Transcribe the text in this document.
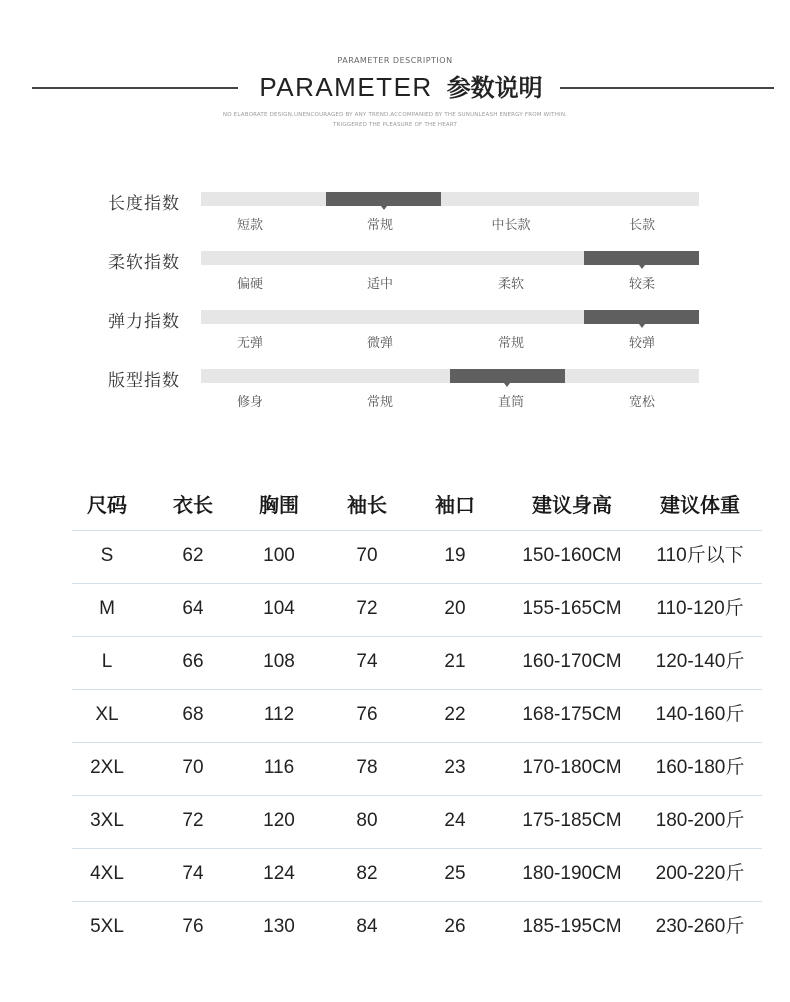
PARAMETER DESCRIPTION
PARAMETER 参数说明
NO ELABORATE DESIGN,UNENCOURAGED BY ANY TREND,ACCOMPANIED BY THE SUNUNLEASH ENERGY FROM WITHIN.
TRIGGERED THE PLEASURE OF THE HEART
长度指数
短款	常规	中长款	长款
柔软指数
偏硬	适中	柔软	较柔
弹力指数
无弹	微弹	常规	较弹
版型指数
修身	常规	直筒	宽松
尺码	衣长	胸围	袖长	袖口	建议身高	建议体重
S	62	100	70	19	150-160CM	110斤以下
M	64	104	72	20	155-165CM	110-120斤
L	66	108	74	21	160-170CM	120-140斤
XL	68	112	76	22	168-175CM	140-160斤
2XL	70	116	78	23	170-180CM	160-180斤
3XL	72	120	80	24	175-185CM	180-200斤
4XL	74	124	82	25	180-190CM	200-220斤
5XL	76	130	84	26	185-195CM	230-260斤
